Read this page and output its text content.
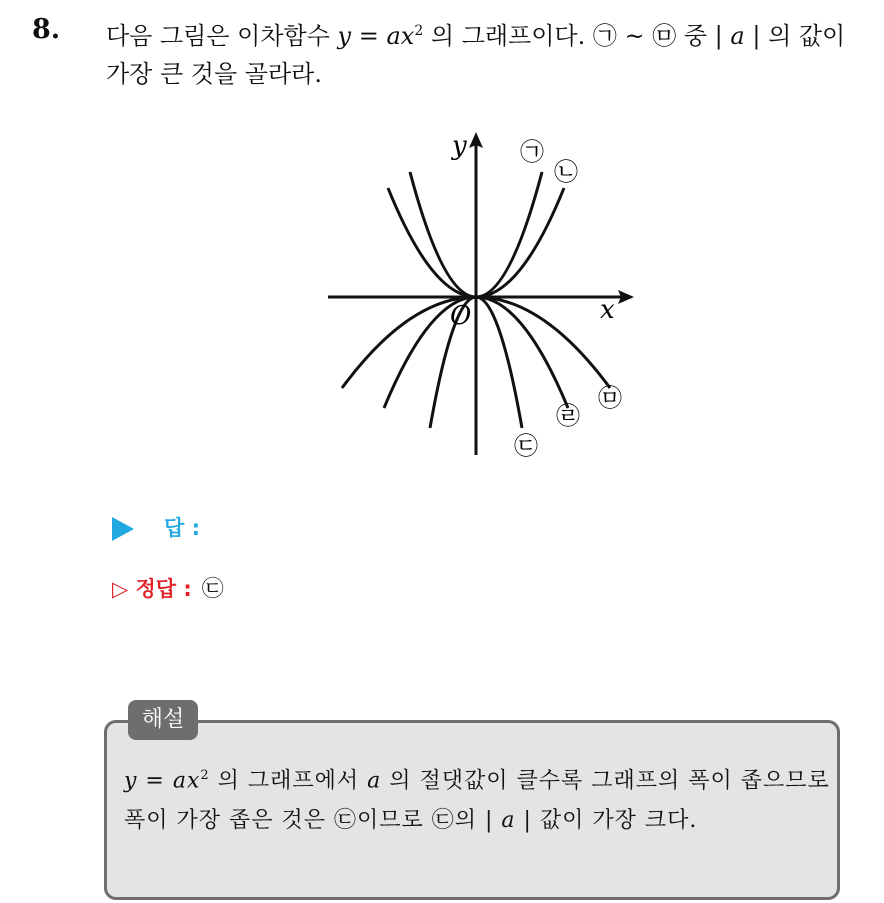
8. 다음 그림은 이차함수 $y = ax^2$ 의 그래프이다. ㉠ ~ ㉤ 중 | a | 의 값이 가장 큰 것을 골라라.
y
x
O
㉠
㉡
㉢
㉣
㉤
답 :
▷ 정답 : ㉢
해설
$y = ax^2$ 의 그래프에서 a 의 절댓값이 클수록 그래프의 폭이 좁으므로 폭이 가장 좁은 것은 ㉢이므로 ㉢의 | a | 값이 가장 크다.
